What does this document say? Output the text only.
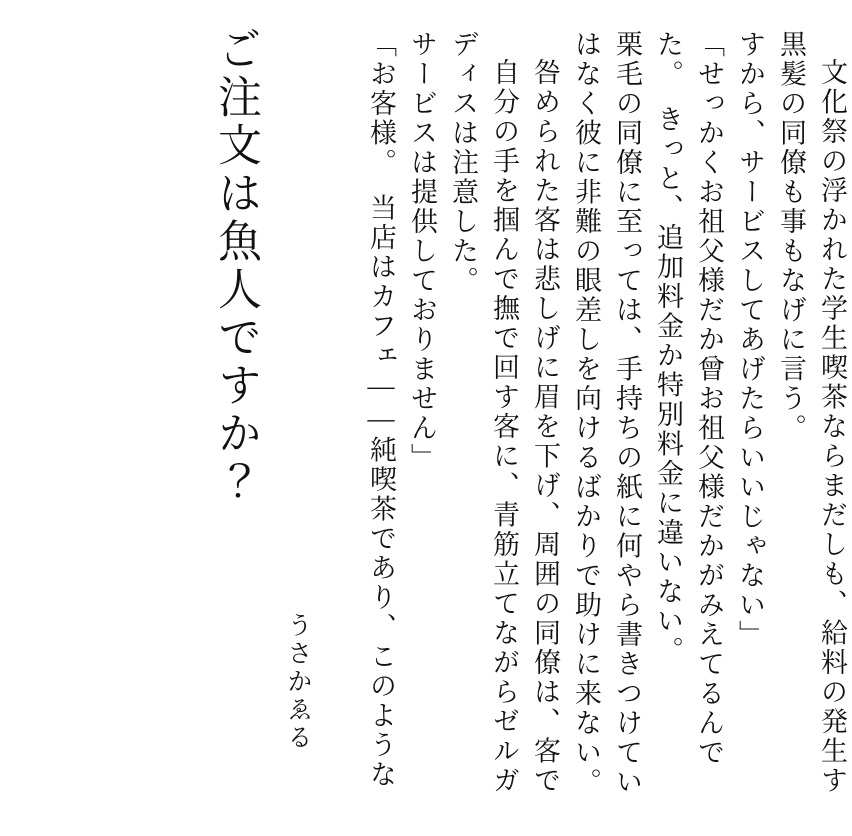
ご注文は魚人ですか？
うさかゑる	「お客様。　当店はカフェ――純喫茶であり、このような サービスは提供しておりません」 ディスは注意した。 自分の手を掴んで撫で回す客に、青筋立てながらゼルガ 咎められた客は悲しげに眉を下げ、周囲の同僚は、客で はなく彼に非難の眼差しを向けるばかりで助けに来ない。 栗毛の同僚に至っては、手持ちの紙に何やら書きつけてい た。　きっと、追加料金か特別料金に違いない。 「せっかくお祖父様だか曾お祖父様だかがみえてるんで すから、サービスしてあげたらいいじゃない」 黒髪の同僚も事もなげに言う。 文化祭の浮かれた学生喫茶ならまだしも、給料の発生す
